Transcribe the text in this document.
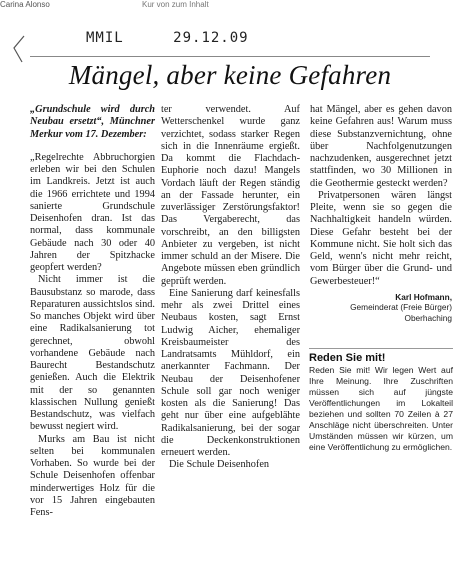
Carina Alonso	Kur von zum Inhalt
MMIL	29.12.09
Mängel, aber keine Gefahren

„Grundschule wird durch Neubau ersetzt“, Münchner Merkur vom 17. Dezember:

„Regelrechte Abbruchorgien erleben wir bei den Schulen im Landkreis. Jetzt ist auch die 1966 errichtete und 1994 sanierte Grundschule Deisenhofen dran. Ist das normal, dass kommunale Gebäude nach 30 oder 40 Jahren der Spitzhacke geopfert werden?

Nicht immer ist die Bausubstanz so marode, dass Reparaturen aussichtslos sind. So manches Objekt wird über eine Radikalsanierung tot gerechnet, obwohl vorhandene Gebäude nach Baurecht Bestandschutz genießen. Auch die Elektrik mit der so genannten klassischen Nullung genießt Bestandschutz, was vielfach bewusst negiert wird.

Murks am Bau ist nicht selten bei kommunalen Vorhaben. So wurde bei der Schule Deisenhofen offenbar minderwertiges Holz für die vor 15 Jahren eingebauten Fens-

ter verwendet. Auf Wetterschenkel wurde ganz verzichtet, sodass starker Regen sich in die Innenräume ergießt. Da kommt die Flachdach-Euphorie noch dazu! Mangels Vordach läuft der Regen ständig an der Fassade herunter, ein zuverlässiger Zerstörungsfaktor! Das Vergaberecht, das vorschreibt, an den billigsten Anbieter zu vergeben, ist nicht immer schuld an der Misere. Die Angebote müssen eben gründlich geprüft werden.

Eine Sanierung darf keinesfalls mehr als zwei Drittel eines Neubaus kosten, sagt Ernst Ludwig Aicher, ehemaliger Kreisbaumeister des Landratsamts Mühldorf, ein anerkannter Fachmann. Der Neubau der Deisenhofener Schule soll gar noch weniger kosten als die Sanierung! Das geht nur über eine aufgeblähte Radikalsanierung, bei der sogar die Deckenkonstruktionen erneuert werden.

Die Schule Deisenhofen

hat Mängel, aber es gehen davon keine Gefahren aus! Warum muss diese Substanzvernichtung, ohne über Nachfolgenutzungen nachzudenken, ausgerechnet jetzt stattfinden, wo 30 Millionen in die Geothermie gesteckt werden?

Privatpersonen wären längst Pleite, wenn sie so gegen die Nachhaltigkeit handeln würden. Diese Gefahr besteht bei der Kommune nicht. Sie holt sich das Geld, wenn's nicht mehr reicht, vom Bürger über die Grund- und Gewerbesteuer!“

Karl Hofmann,
Gemeinderat (Freie Bürger)
Oberhaching
Reden Sie mit!

Reden Sie mit! Wir legen Wert auf Ihre Meinung. Ihre Zuschriften müssen sich auf jüngste Veröffentlichungen im Lokalteil beziehen und sollten 70 Zeilen à 27 Anschläge nicht überschreiten. Unter Umständen müssen wir kürzen, um eine Veröffentlichung zu ermöglichen.
